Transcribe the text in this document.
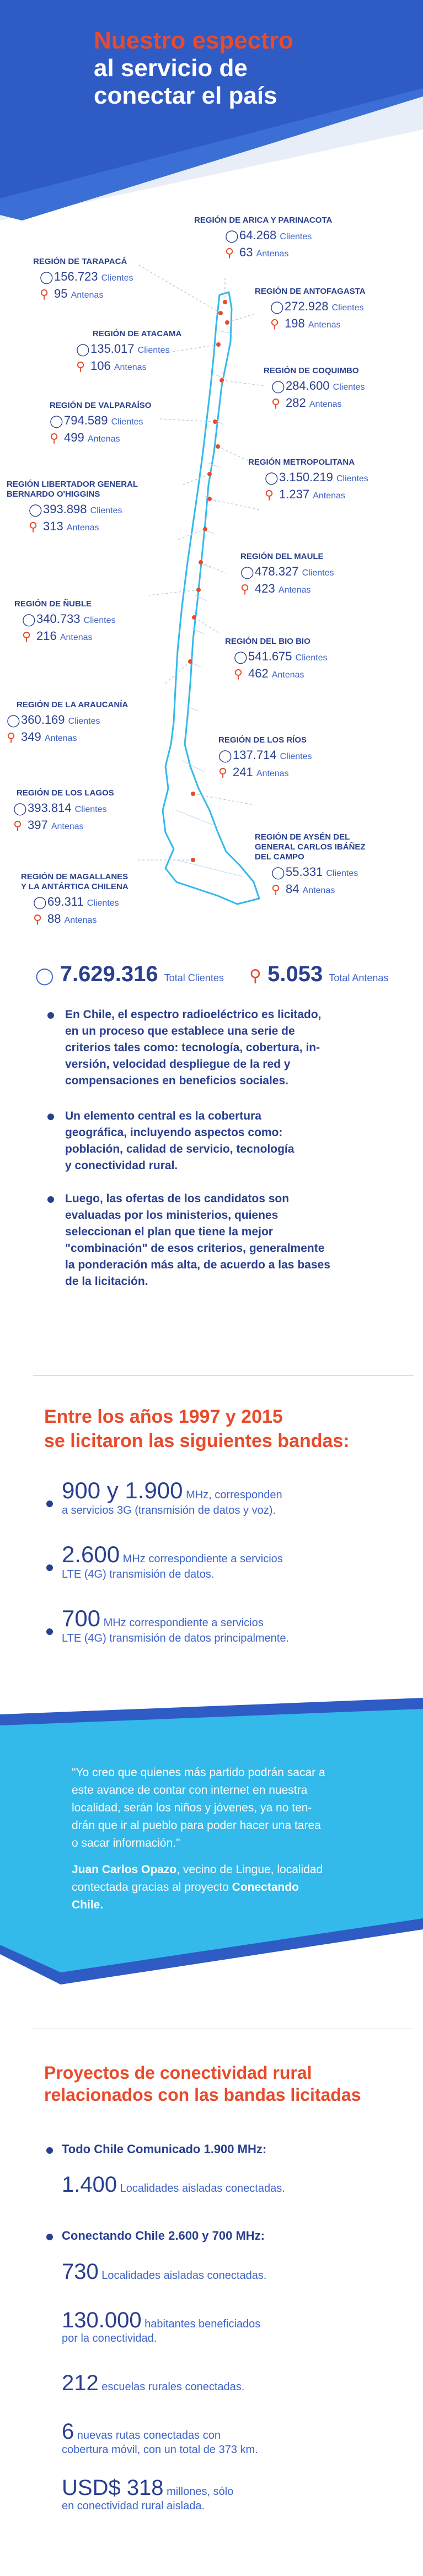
Nuestro espectro
al servicio de
conectar el país
REGIÓN DE ARICA Y PARINACOTA
◯64.268 Clientes
⚲ 63 Antenas
REGIÓN DE TARAPACÁ
◯156.723 Clientes
⚲ 95 Antenas	REGIÓN DE ANTOFAGASTA
◯272.928 Clientes
⚲ 198 Antenas
REGIÓN DE ATACAMA
◯135.017 Clientes
⚲ 106 Antenas	REGIÓN DE COQUIMBO
◯284.600 Clientes
⚲ 282 Antenas
REGIÓN DE VALPARAÍSO
◯794.589 Clientes
⚲ 499 Antenas
REGIÓN METROPOLITANA
◯3.150.219 Clientes
⚲ 1.237 Antenas
REGIÓN LIBERTADOR GENERAL
BERNARDO O'HIGGINS
◯393.898 Clientes
⚲ 313 Antenas
REGIÓN DEL MAULE
◯478.327 Clientes
⚲ 423 Antenas
REGIÓN DE ÑUBLE
◯340.733 Clientes
⚲ 216 Antenas	REGIÓN DEL BIO BIO
◯541.675 Clientes
⚲ 462 Antenas
REGIÓN DE LA ARAUCANÍA
◯360.169 Clientes
⚲ 349 Antenas	REGIÓN DE LOS RÍOS
◯137.714 Clientes
⚲ 241 Antenas
REGIÓN DE LOS LAGOS
◯393.814 Clientes
⚲ 397 Antenas
REGIÓN DE AYSÉN DEL
GENERAL CARLOS IBÁÑEZ
DEL CAMPO
◯55.331 Clientes
⚲ 84 Antenas
REGIÓN DE MAGALLANES
Y LA ANTÁRTICA CHILENA
◯69.311 Clientes
⚲ 88 Antenas
◯ 7.629.316 Total Clientes ⚲ 5.053 Total Antenas
En Chile, el espectro radioeléctrico es licitado,
en un proceso que establece una serie de
criterios tales como: tecnología, cobertura, in-
versión, velocidad despliegue de la red y
compensaciones en beneficios sociales.
Un elemento central es la cobertura
geográfica, incluyendo aspectos como:
población, calidad de servicio, tecnología
y conectividad rural.
Luego, las ofertas de los candidatos son
evaluadas por los ministerios, quienes
seleccionan el plan que tiene la mejor
"combinación" de esos criterios, generalmente
la ponderación más alta, de acuerdo a las bases
de la licitación.
Entre los años 1997 y 2015
se licitaron las siguientes bandas:
900 y 1.900 MHz, corresponden
a servicios 3G (transmisión de datos y voz).
2.600 MHz correspondiente a servicios
LTE (4G) transmisión de datos.
700 MHz correspondiente a servicios
LTE (4G) transmisión de datos principalmente.
"Yo creo que quienes más partido podrán sacar a
este avance de contar con internet en nuestra
localidad, serán los niños y jóvenes, ya no ten-
drán que ir al pueblo para poder hacer una tarea
o sacar información."
Juan Carlos Opazo, vecino de Lingue, localidad
contectada gracias al proyecto Conectando
Chile.
Proyectos de conectividad rural
relacionados con las bandas licitadas
Todo Chile Comunicado 1.900 MHz:
1.400 Localidades aisladas conectadas.
Conectando Chile 2.600 y 700 MHz:
730 Localidades aisladas conectadas.
130.000 habitantes beneficiados
por la conectividad.
212 escuelas rurales conectadas.
6 nuevas rutas conectadas con
cobertura móvil, con un total de 373 km.
USD$ 318 millones, sólo
en conectividad rural aislada.
